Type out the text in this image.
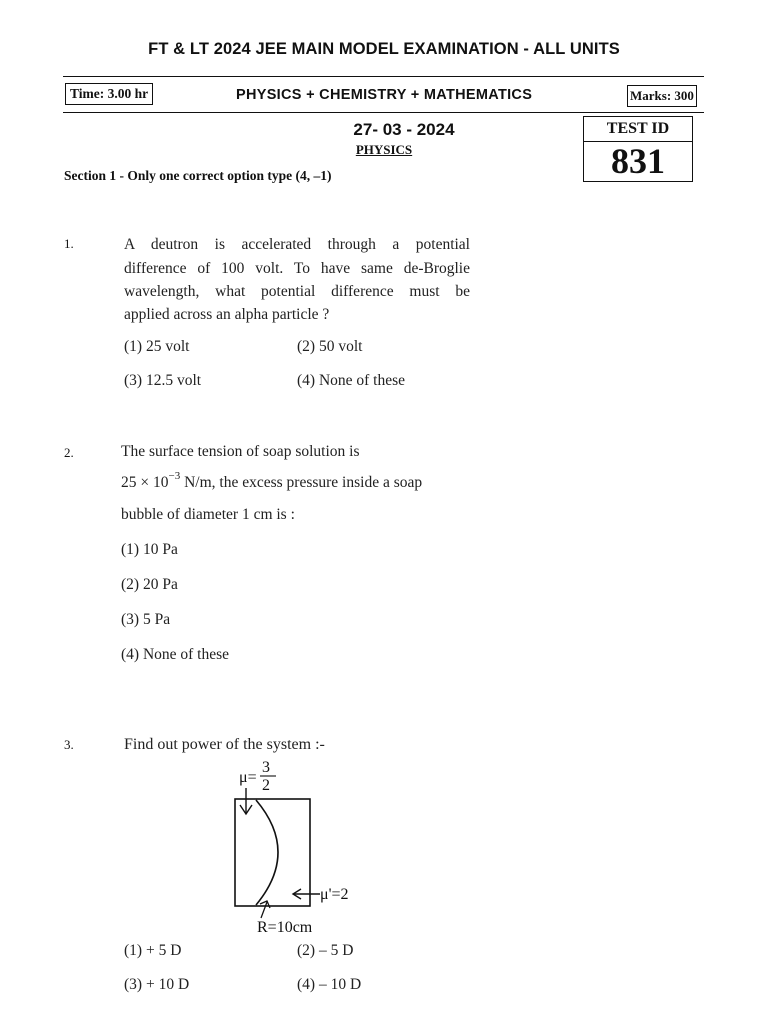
FT & LT 2024 JEE MAIN MODEL EXAMINATION - ALL UNITS
Time: 3.00 hr	PHYSICS + CHEMISTRY + MATHEMATICS	Marks: 300
27- 03 - 2024
PHYSICS
TEST ID
831
Section 1 - Only one correct option type (4, –1)
1.	A deutron is accelerated through a potential
difference of 100 volt. To have same de-Broglie
wavelength, what potential difference must be
applied across an alpha particle ?
(1) 25 volt	(2) 50 volt
(3) 12.5 volt	(4) None of these
2.	The surface tension of soap solution is
$25 \times 10^{-3}$ N/m, the excess pressure inside a soap
bubble of diameter 1 cm is :
(1) 10 Pa
(2) 20 Pa
(3) 5 Pa
(4) None of these
3.	Find out power of the system :-
μ=
3
2
μ'=2
R=10cm
(1) + 5 D	(2) – 5 D
(3) + 10 D	(4) – 10 D
